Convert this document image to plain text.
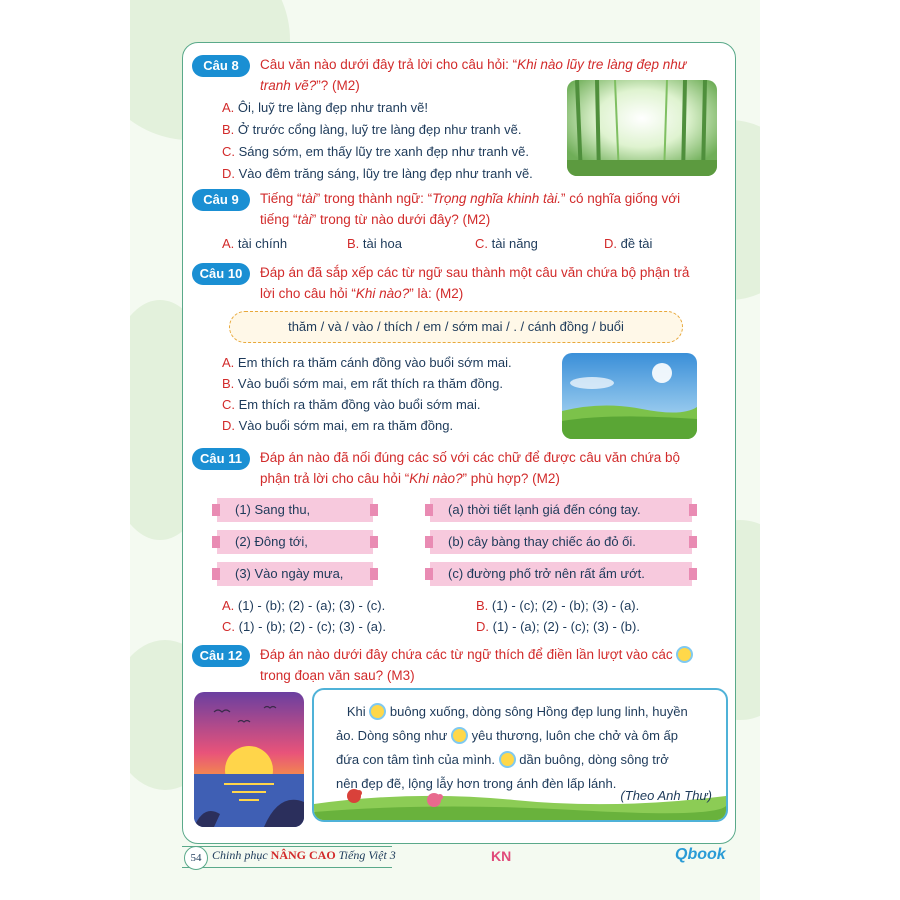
Câu 8	Câu văn nào dưới đây trả lời cho câu hỏi: “Khi nào lũy tre làng đẹp như tranh vẽ?”? (M2)
A. Ôi, luỹ tre làng đẹp như tranh vẽ!
B. Ở trước cổng làng, luỹ tre làng đẹp như tranh vẽ.
C. Sáng sớm, em thấy lũy tre xanh đẹp như tranh vẽ.
D. Vào đêm trăng sáng, lũy tre làng đẹp như tranh vẽ.
Câu 9	Tiếng “tài” trong thành ngữ: “Trọng nghĩa khinh tài.” có nghĩa giống với
tiếng “tài” trong từ nào dưới đây? (M2)
A. tài chính	B. tài hoa	C. tài năng	D. đề tài
Câu 10	Đáp án đã sắp xếp các từ ngữ sau thành một câu văn chứa bộ phận trả
lời cho câu hỏi “Khi nào?” là: (M2)
thăm / và / vào / thích / em / sớm mai / . / cánh đồng / buổi
A. Em thích ra thăm cánh đồng vào buổi sớm mai.
B. Vào buổi sớm mai, em rất thích ra thăm đồng.
C. Em thích ra thăm đồng vào buổi sớm mai.
D. Vào buổi sớm mai, em ra thăm đồng.
Câu 11	Đáp án nào đã nối đúng các số với các chữ để được câu văn chứa bộ
phận trả lời cho câu hỏi “Khi nào?” phù hợp? (M2)
(1) Sang thu,
(2) Đông tới,
(3) Vào ngày mưa,
(a) thời tiết lạnh giá đến cóng tay.
(b) cây bàng thay chiếc áo đỏ ối.
(c) đường phố trở nên rất ẩm ướt.
A. (1) - (b); (2) - (a); (3) - (c).	B. (1) - (c); (2) - (b); (3) - (a).
C. (1) - (b); (2) - (c); (3) - (a).	D. (1) - (a); (2) - (c); (3) - (b).
Câu 12	Đáp án nào dưới đây chứa các từ ngữ thích để điền lần lượt vào các
trong đoạn văn sau? (M3)
Khi buông xuống, dòng sông Hồng đẹp lung linh, huyền
ảo. Dòng sông như yêu thương, luôn che chở và ôm ấp
đứa con tâm tình của mình. dần buông, dòng sông trở
nên đẹp đẽ, lộng lẫy hơn trong ánh đèn lấp lánh.
(Theo Anh Thư)
54 Chinh phục NÂNG CAO Tiếng Việt 3	KN	Qbook
